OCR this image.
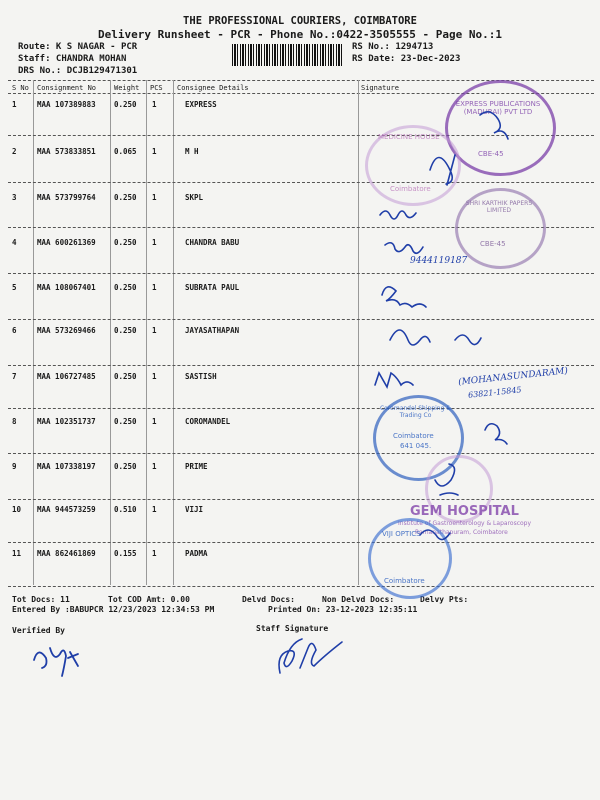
THE PROFESSIONAL COURIERS, COIMBATORE
Delivery Runsheet - PCR - Phone No.:0422-3505555 - Page No.:1
Route: K S NAGAR - PCR
Staff: CHANDRA MOHAN
DRS No.: DCJB129471301
RS No.: 1294713
RS Date: 23-Dec-2023
S No Consignment No	Weight PCS Consignee Details	Signature
1	MAA 107389883 0.250 1	EXPRESS
2	MAA 573833851 0.065 1	M H
3	MAA 573799764 0.250 1	SKPL
4	MAA 600261369 0.250 1	CHANDRA BABU
5	MAA 108067401 0.250 1	SUBRATA PAUL
6	MAA 573269466 0.250 1	JAYASATHAPAN
7	MAA 106727485 0.250 1	SASTISH
8	MAA 102351737 0.250 1	COROMANDEL
9	MAA 107338197 0.250 1	PRIME
10 MAA 944573259 0.510 1	VIJI
11 MAA 862461869 0.155 1	PADMA
Tot Docs: 11	Tot COD Amt: 0.00	Delvd Docs:	Non Delvd Docs:	Delvy Pts:
Entered By :BABUPCR 12/23/2023 12:34:53 PM	Printed On: 23-12-2023 12:35:11
Verified By	Staff Signature
EXPRESS PUBLICATIONS (MADURAI) PVT LTD
CBE-45
MEDICINE HOUSE
Coimbatore
SHRI KARTHIK PAPERS LIMITED
CBE-45
Coromandel Shipping & Trading Co
Coimbatore
641 045.
GEM HOSPITAL
Institute of Gastroenterology & Laparoscopy
Ramanathapuram, Coimbatore
VIJI OPTICS
Coimbatore
9444119187
(MOHANASUNDARAM)
63821-15845
